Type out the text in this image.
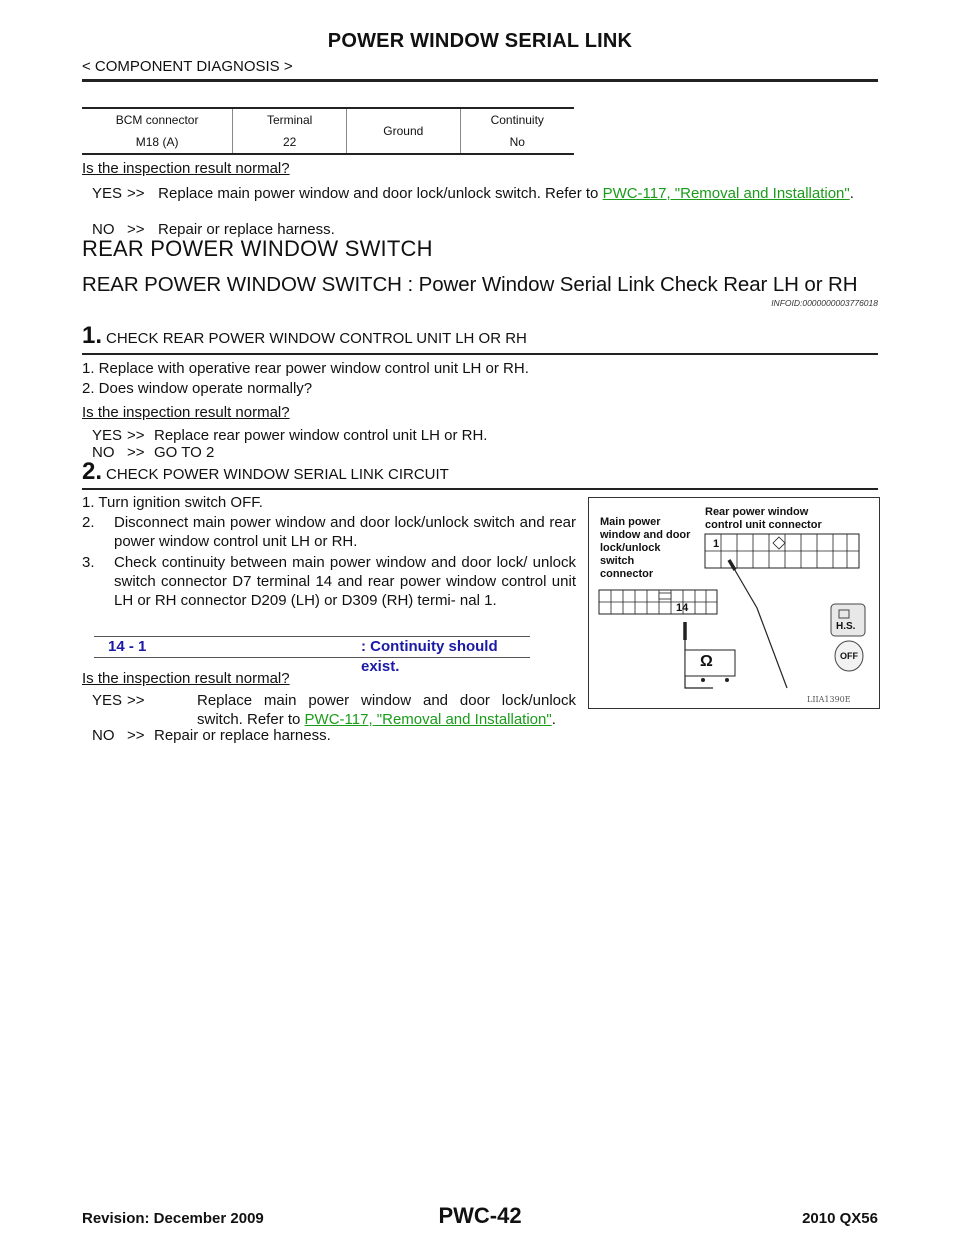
POWER WINDOW SERIAL LINK
< COMPONENT DIAGNOSIS >
BCM connector	Terminal	Ground	Continuity
M18 (A)	22		No
Is the inspection result normal?
YES >> Replace main power window and door lock/unlock switch. Refer to PWC-117, "Removal and Installation".
NO >> Repair or replace harness.
REAR POWER WINDOW SWITCH
REAR POWER WINDOW SWITCH : Power Window Serial Link Check Rear LH or RH
INFOID:0000000003776018
1. CHECK REAR POWER WINDOW CONTROL UNIT LH OR RH
1. Replace with operative rear power window control unit LH or RH.
2. Does window operate normally?
Is the inspection result normal?
YES >> Replace rear power window control unit LH or RH.
NO >> GO TO 2
2. CHECK POWER WINDOW SERIAL LINK CIRCUIT
1. Turn ignition switch OFF.
2. Disconnect main power window and door lock/unlock switch and rear power window control unit LH or RH.
3. Check continuity between main power window and door lock/ unlock switch connector D7 terminal 14 and rear power window control unit LH or RH connector D209 (LH) or D309 (RH) termi- nal 1.
14 - 1	: Continuity should exist.
Is the inspection result normal?
YES >>	Replace main power window and door lock/unlock switch. Refer to PWC-117, "Removal and Installation".
NO >> Repair or replace harness.
Main power
window and door
lock/unlock
switch
connector
Rear power window
control unit connector
1
14
Ω
H.S.
OFF
LIIA1390E
Revision: December 2009	PWC-42	2010 QX56
